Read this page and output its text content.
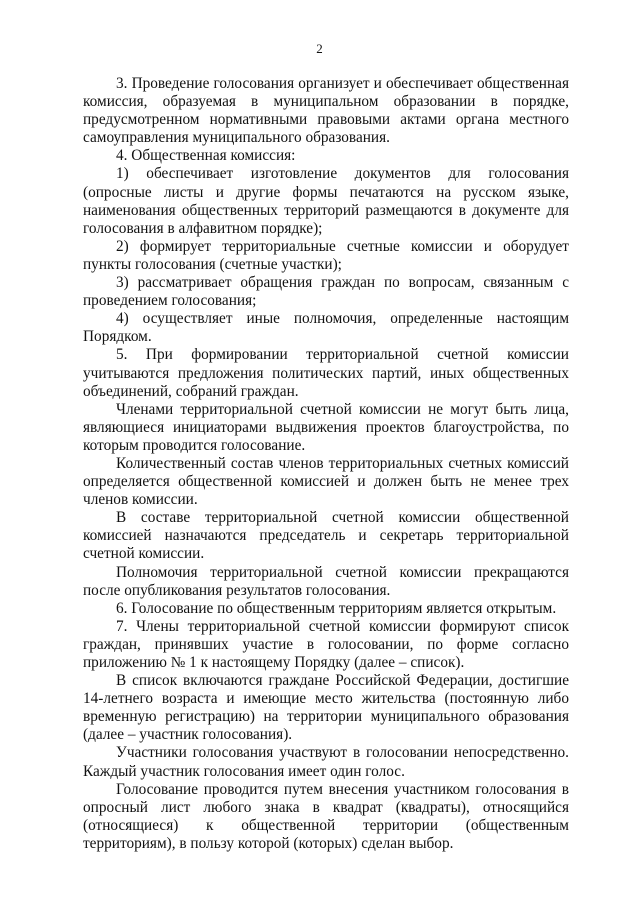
2

3. Проведение голосования организует и обеспечивает общественная комиссия, образуемая в муниципальном образовании в порядке, предусмотренном нормативными правовыми актами органа местного самоуправления муниципального образования.

4. Общественная комиссия:

1) обеспечивает изготовление документов для голосования (опросные листы и другие формы печатаются на русском языке, наименования общественных территорий размещаются в документе для голосования в алфавитном порядке);

2) формирует территориальные счетные комиссии и оборудует пункты голосования (счетные участки);

3) рассматривает обращения граждан по вопросам, связанным с проведением голосования;

4) осуществляет иные полномочия, определенные настоящим Порядком.

5. При формировании территориальной счетной комиссии учитываются предложения политических партий, иных общественных объединений, собраний граждан.

Членами территориальной счетной комиссии не могут быть лица, являющиеся инициаторами выдвижения проектов благоустройства, по которым проводится голосование.

Количественный состав членов территориальных счетных комиссий определяется общественной комиссией и должен быть не менее трех членов комиссии.

В составе территориальной счетной комиссии общественной комиссией назначаются председатель и секретарь территориальной счетной комиссии.

Полномочия территориальной счетной комиссии прекращаются после опубликования результатов голосования.

6. Голосование по общественным территориям является открытым.

7. Члены территориальной счетной комиссии формируют список граждан, принявших участие в голосовании, по форме согласно приложению № 1 к настоящему Порядку (далее – список).

В список включаются граждане Российской Федерации, достигшие 14-летнего возраста и имеющие место жительства (постоянную либо временную регистрацию) на территории муниципального образования (далее – участник голосования).

Участники голосования участвуют в голосовании непосредственно. Каждый участник голосования имеет один голос.

Голосование проводится путем внесения участником голосования в опросный лист любого знака в квадрат (квадраты), относящийся (относящиеся) к общественной территории (общественным территориям), в пользу которой (которых) сделан выбор.
